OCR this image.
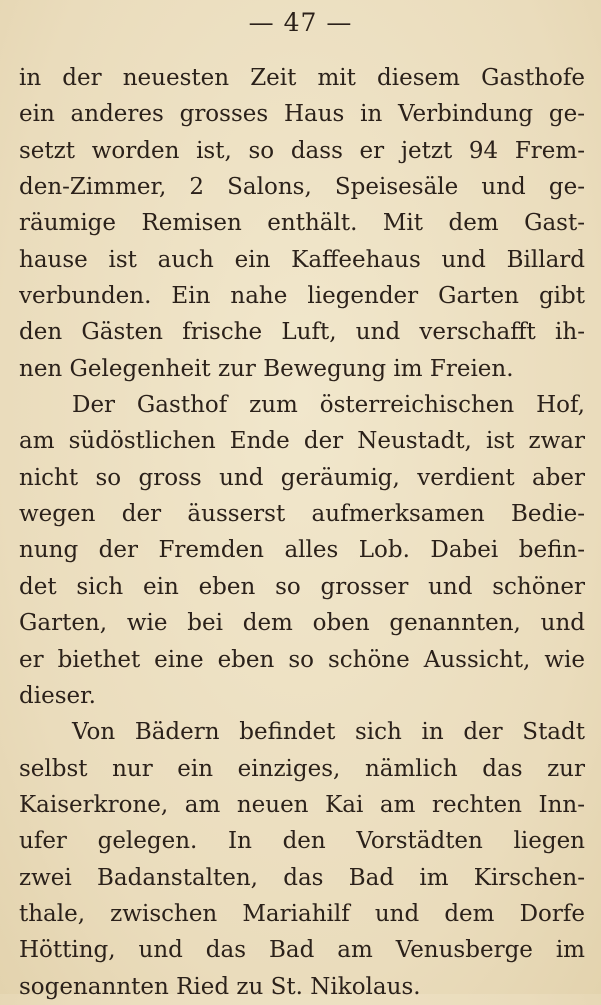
— 47 —
in der neuesten Zeit mit diesem Gasthofe
ein anderes grosses Haus in Verbindung ge-
setzt worden ist, so dass er jetzt 94 Frem-
den-Zimmer, 2 Salons, Speisesäle und ge-
räumige Remisen enthält. Mit dem Gast-
hause ist auch ein Kaffeehaus und Billard
verbunden. Ein nahe liegender Garten gibt
den Gästen frische Luft, und verschafft ih-
nen Gelegenheit zur Bewegung im Freien.
Der Gasthof zum österreichischen Hof,
am südöstlichen Ende der Neustadt, ist zwar
nicht so gross und geräumig, verdient aber
wegen der äusserst aufmerksamen Bedie-
nung der Fremden alles Lob. Dabei befin-
det sich ein eben so grosser und schöner
Garten, wie bei dem oben genannten, und
er biethet eine eben so schöne Aussicht, wie
dieser.
Von Bädern befindet sich in der Stadt
selbst nur ein einziges, nämlich das zur
Kaiserkrone, am neuen Kai am rechten Inn-
ufer gelegen. In den Vorstädten liegen
zwei Badanstalten, das Bad im Kirschen-
thale, zwischen Mariahilf und dem Dorfe
Hötting, und das Bad am Venusberge im
sogenannten Ried zu St. Nikolaus.
